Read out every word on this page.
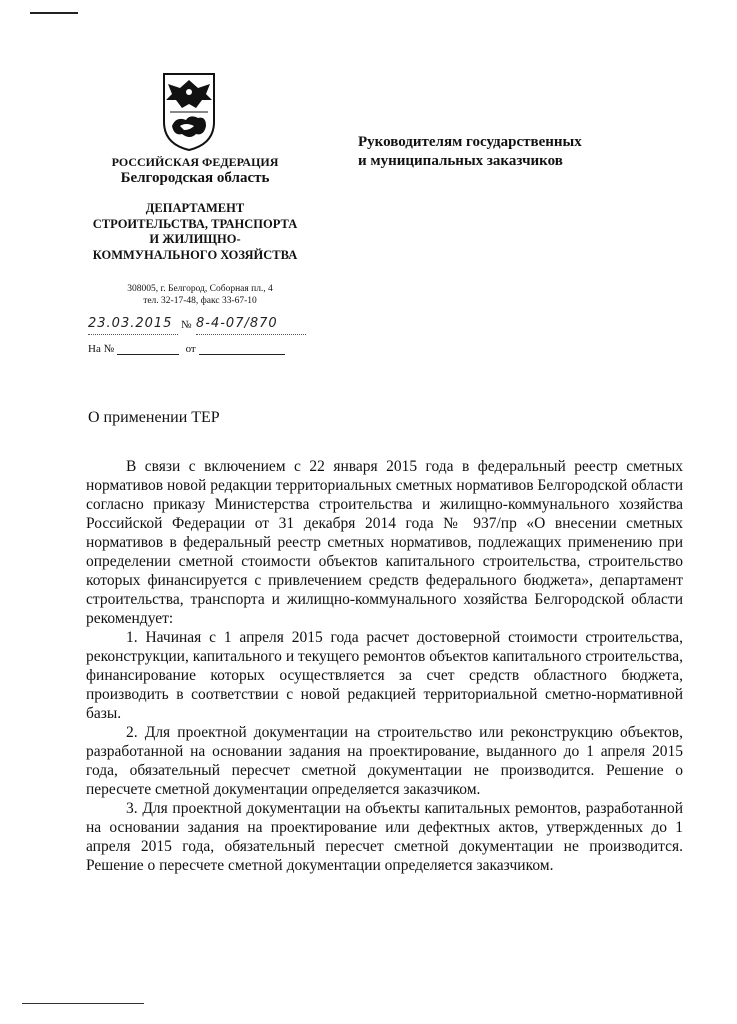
РОССИЙСКАЯ ФЕДЕРАЦИЯ
Белгородская область
ДЕПАРТАМЕНТ
СТРОИТЕЛЬСТВА, ТРАНСПОРТА
И ЖИЛИЩНО-
КОММУНАЛЬНОГО ХОЗЯЙСТВА
308005, г. Белгород, Соборная пл., 4
тел. 32-17-48, факс 33-67-10
23.03.2015 № 8-4-07/870
На №	от
Руководителям государственных
и муниципальных заказчиков
О применении ТЕР

В связи с включением с 22 января 2015 года в федеральный реестр сметных нормативов новой редакции территориальных сметных нормативов Белгородской области согласно приказу Министерства строительства и жилищно-коммунального хозяйства Российской Федерации от 31 декабря 2014 года № 937/пр «О внесении сметных нормативов в федеральный реестр сметных нормативов, подлежащих применению при определении сметной стоимости объектов капитального строительства, строительство которых финансируется с привлечением средств федерального бюджета», департамент строительства, транспорта и жилищно-коммунального хозяйства Белгородской области рекомендует:

1. Начиная с 1 апреля 2015 года расчет достоверной стоимости строительства, реконструкции, капитального и текущего ремонтов объектов капитального строительства, финансирование которых осуществляется за счет средств областного бюджета, производить в соответствии с новой редакцией территориальной сметно-нормативной базы.

2. Для проектной документации на строительство или реконструкцию объектов, разработанной на основании задания на проектирование, выданного до 1 апреля 2015 года, обязательный пересчет сметной документации не производится. Решение о пересчете сметной документации определяется заказчиком.

3. Для проектной документации на объекты капитальных ремонтов, разработанной на основании задания на проектирование или дефектных актов, утвержденных до 1 апреля 2015 года, обязательный пересчет сметной документации не производится. Решение о пересчете сметной документации определяется заказчиком.
